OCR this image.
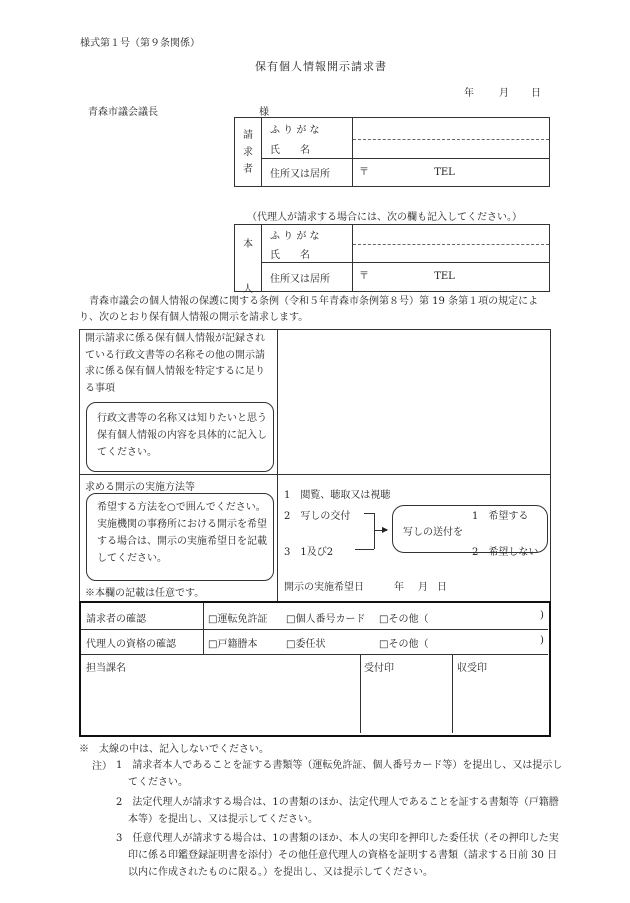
様式第１号（第９条関係）
保有個人情報開示請求書
年	月 日
青森市議会議長	様
請
求
者	ふ り が な	
	氏　　名	
	住所又は居所	〒 TEL
（代理人が請求する場合には、次の欄も記入してください。）
本
人	ふ り が な	
	氏　　名	
	住所又は居所	〒 TEL
　青森市議会の個人情報の保護に関する条例（令和５年青森市条例第８号）第 19 条第１項の規定により、次のとおり保有個人情報の開示を請求します。
開示請求に係る保有個人情報が記録されている行政文書等の名称その他の開示請求に係る保有個人情報を特定するに足りる事項
行政文書等の名称又は知りたいと思う保有個人情報の内容を具体的に記入してください。
求める開示の実施方法等
希望する方法を○で囲んでください。実施機関の事務所における開示を希望する場合は、開示の実施希望日を記載してください。
※本欄の記載は任意です。
1　閲覧、聴取又は視聴
2　写しの交付
3　1及び2
▶ 写しの送付を
1　希望する
2　希望しない
開示の実施希望日	年 月 日
請求者の確認	□運転免許証 □個人番号カード □その他（	)
代理人の資格の確認	□戸籍謄本	□委任状	□その他（	)
担当課名	受付印	収受印
※　太線の中は、記入しないでください。
注） 1　請求者本人であることを証する書類等（運転免許証、個人番号カード等）を提出し、又は提示してください。
2　法定代理人が請求する場合は、1の書類のほか、法定代理人であることを証する書類等（戸籍謄本等）を提出し、又は提示してください。
3　任意代理人が請求する場合は、1の書類のほか、本人の実印を押印した委任状（その押印した実印に係る印鑑登録証明書を添付）その他任意代理人の資格を証明する書類（請求する日前 30 日以内に作成されたものに限る。）を提出し、又は提示してください。
